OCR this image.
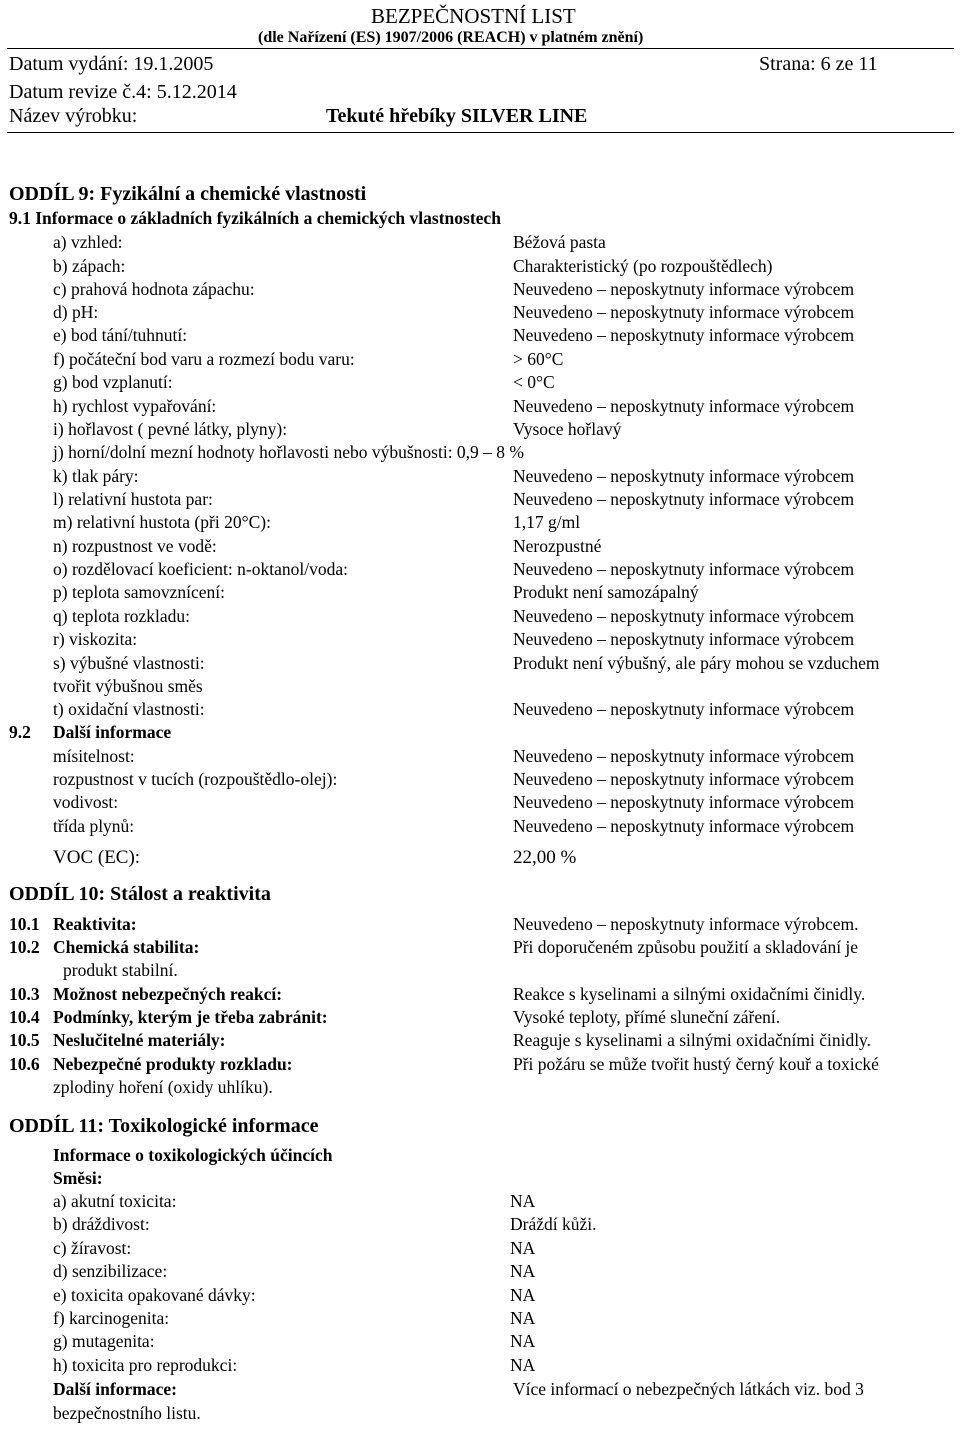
BEZPEČNOSTNÍ LIST
(dle Nařízení (ES) 1907/2006 (REACH) v platném znění)
Datum vydání: 19.1.2005	Strana: 6 ze 11
Datum revize č.4: 5.12.2014
Název výrobku:	Tekuté hřebíky SILVER LINE
ODDÍL 9: Fyzikální a chemické vlastnosti
9.1 Informace o základních fyzikálních a chemických vlastnostech
a) vzhled:	Béžová pasta
b) zápach:	Charakteristický (po rozpouštědlech)
c) prahová hodnota zápachu:	Neuvedeno – neposkytnuty informace výrobcem
d) pH:	Neuvedeno – neposkytnuty informace výrobcem
e) bod tání/tuhnutí:	Neuvedeno – neposkytnuty informace výrobcem
f) počáteční bod varu a rozmezí bodu varu:	> 60°C
g) bod vzplanutí:	< 0°C
h) rychlost vypařování:	Neuvedeno – neposkytnuty informace výrobcem
i) hořlavost ( pevné látky, plyny):	Vysoce hořlavý
j) horní/dolní mezní hodnoty hořlavosti nebo výbušnosti: 0,9 – 8 %
k) tlak páry:	Neuvedeno – neposkytnuty informace výrobcem
l) relativní hustota par:	Neuvedeno – neposkytnuty informace výrobcem
m) relativní hustota (při 20°C):	1,17 g/ml
n) rozpustnost ve vodě:	Nerozpustné
o) rozdělovací koeficient: n-oktanol/voda:	Neuvedeno – neposkytnuty informace výrobcem
p) teplota samovznícení:	Produkt není samozápalný
q) teplota rozkladu:	Neuvedeno – neposkytnuty informace výrobcem
r) viskozita:	Neuvedeno – neposkytnuty informace výrobcem
s) výbušné vlastnosti:	Produkt není výbušný, ale páry mohou se vzduchem
tvořit výbušnou směs
t) oxidační vlastnosti:	Neuvedeno – neposkytnuty informace výrobcem
9.2 Další informace
mísitelnost:	Neuvedeno – neposkytnuty informace výrobcem
rozpustnost v tucích (rozpouštědlo-olej):	Neuvedeno – neposkytnuty informace výrobcem
vodivost:	Neuvedeno – neposkytnuty informace výrobcem
třída plynů:	Neuvedeno – neposkytnuty informace výrobcem
VOC (EC):	22,00 %
ODDÍL 10: Stálost a reaktivita
10.1 Reaktivita:	Neuvedeno – neposkytnuty informace výrobcem.
10.2 Chemická stabilita:	Při doporučeném způsobu použití a skladování je
produkt stabilní.
10.3 Možnost nebezpečných reakcí:	Reakce s kyselinami a silnými oxidačními činidly.
10.4 Podmínky, kterým je třeba zabránit:	Vysoké teploty, přímé sluneční záření.
10.5 Neslučitelné materiály:	Reaguje s kyselinami a silnými oxidačními činidly.
10.6 Nebezpečné produkty rozkladu:	Při požáru se může tvořit hustý černý kouř a toxické
zplodiny hoření (oxidy uhlíku).
ODDÍL 11: Toxikologické informace
Informace o toxikologických účincích
Směsi:
a) akutní toxicita:	NA
b) dráždivost:	Dráždí kůži.
c) žíravost:	NA
d) senzibilizace:	NA
e) toxicita opakované dávky:	NA
f) karcinogenita:	NA
g) mutagenita:	NA
h) toxicita pro reprodukci:	NA
Další informace:	Více informací o nebezpečných látkách viz. bod 3
bezpečnostního listu.
